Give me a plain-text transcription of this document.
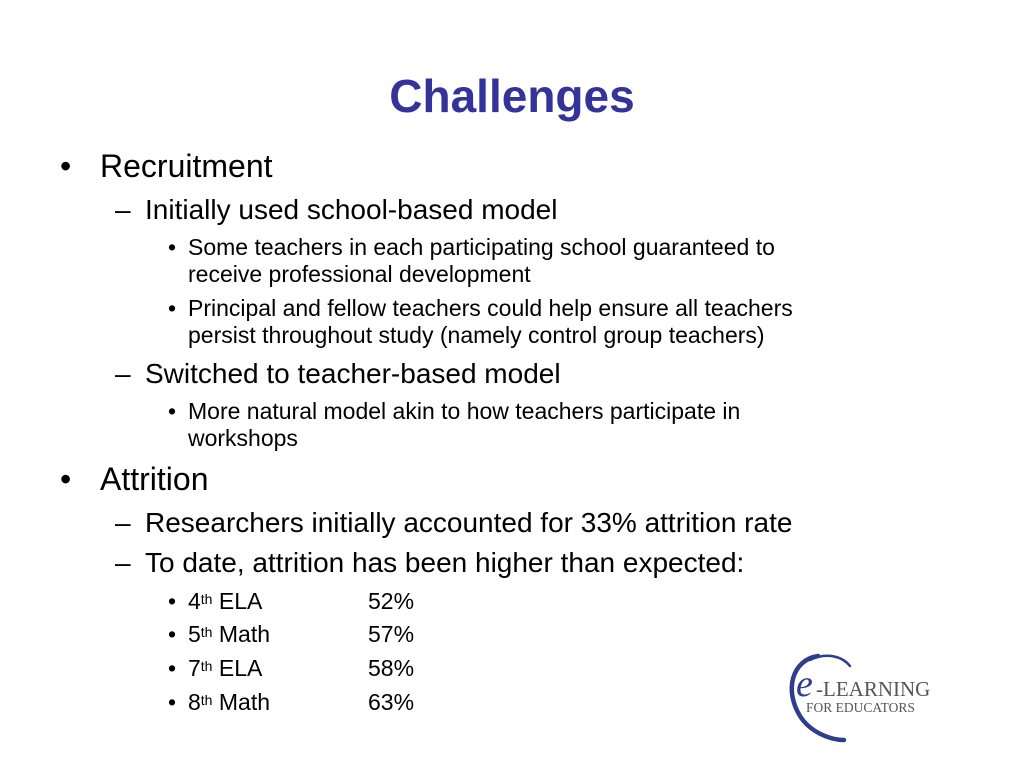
Challenges
• Recruitment
– Initially used school-based model
• Some teachers in each participating school guaranteed to
receive professional development
• Principal and fellow teachers could help ensure all teachers
persist throughout study (namely control group teachers)
– Switched to teacher-based model
• More natural model akin to how teachers participate in
workshops
• Attrition
– Researchers initially accounted for 33% attrition rate
– To date, attrition has been higher than expected:
• 4th ELA	52%
• 5th Math	57%
• 7th ELA	58%
• 8th Math	63%	e -LEARNING
FOR EDUCATORS
